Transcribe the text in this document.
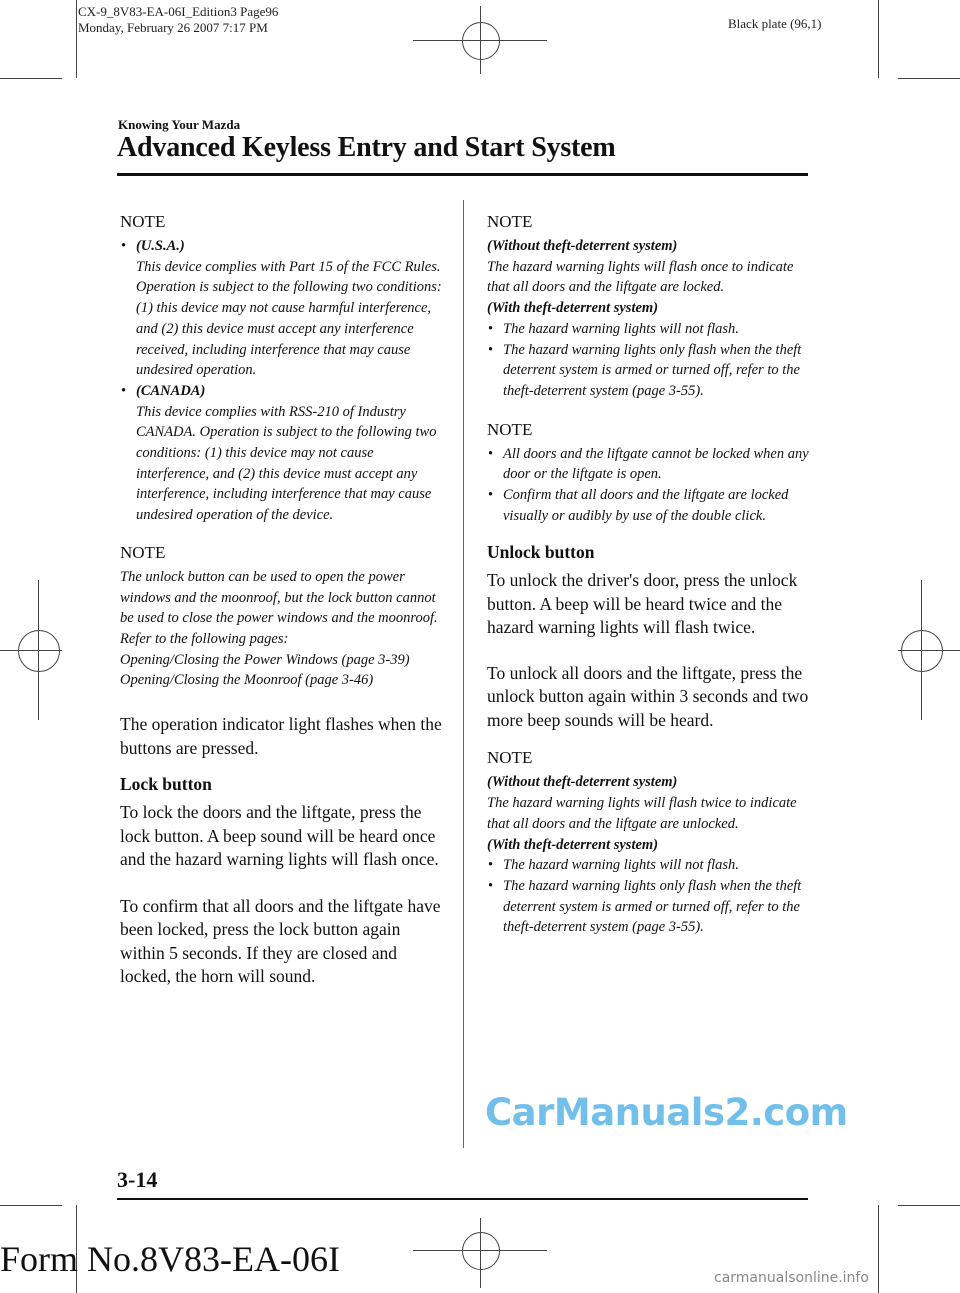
CX-9_8V83-EA-06I_Edition3 Page96
Monday, February 26 2007 7:17 PM	Black plate (96,1)
Knowing Your Mazda
Advanced Keyless Entry and Start System
NOTE
• (U.S.A.)
This device complies with Part 15 of the FCC Rules. Operation is subject to the following two conditions: (1) this device may not cause harmful interference, and (2) this device must accept any interference received, including interference that may cause undesired operation.
• (CANADA)
This device complies with RSS-210 of Industry CANADA. Operation is subject to the following two conditions: (1) this device may not cause interference, and (2) this device must accept any interference, including interference that may cause undesired operation of the device.
NOTE

The unlock button can be used to open the power windows and the moonroof, but the lock button cannot be used to close the power windows and the moonroof.

Refer to the following pages:

Opening/Closing the Power Windows (page 3-39)

Opening/Closing the Moonroof (page 3-46)

The operation indicator light flashes when the buttons are pressed.

Lock button

To lock the doors and the liftgate, press the lock button. A beep sound will be heard once and the hazard warning lights will flash once.

To confirm that all doors and the liftgate have been locked, press the lock button again within 5 seconds. If they are closed and locked, the horn will sound.

NOTE

(Without theft-deterrent system)

The hazard warning lights will flash once to indicate that all doors and the liftgate are locked.

(With theft-deterrent system)

• The hazard warning lights will not flash.
• The hazard warning lights only flash when the theft deterrent system is armed or turned off, refer to the theft-deterrent system (page 3-55).
NOTE
• All doors and the liftgate cannot be locked when any door or the liftgate is open.
• Confirm that all doors and the liftgate are locked visually or audibly by use of the double click.
Unlock button

To unlock the driver's door, press the unlock button. A beep will be heard twice and the hazard warning lights will flash twice.

To unlock all doors and the liftgate, press the unlock button again within 3 seconds and two more beep sounds will be heard.

NOTE

(Without theft-deterrent system)

The hazard warning lights will flash twice to indicate that all doors and the liftgate are unlocked.

(With theft-deterrent system)

• The hazard warning lights will not flash.
• The hazard warning lights only flash when the theft deterrent system is armed or turned off, refer to the theft-deterrent system (page 3-55).
CarManuals2.com
3-14
Form No.8V83-EA-06I	carmanualsonline.info
